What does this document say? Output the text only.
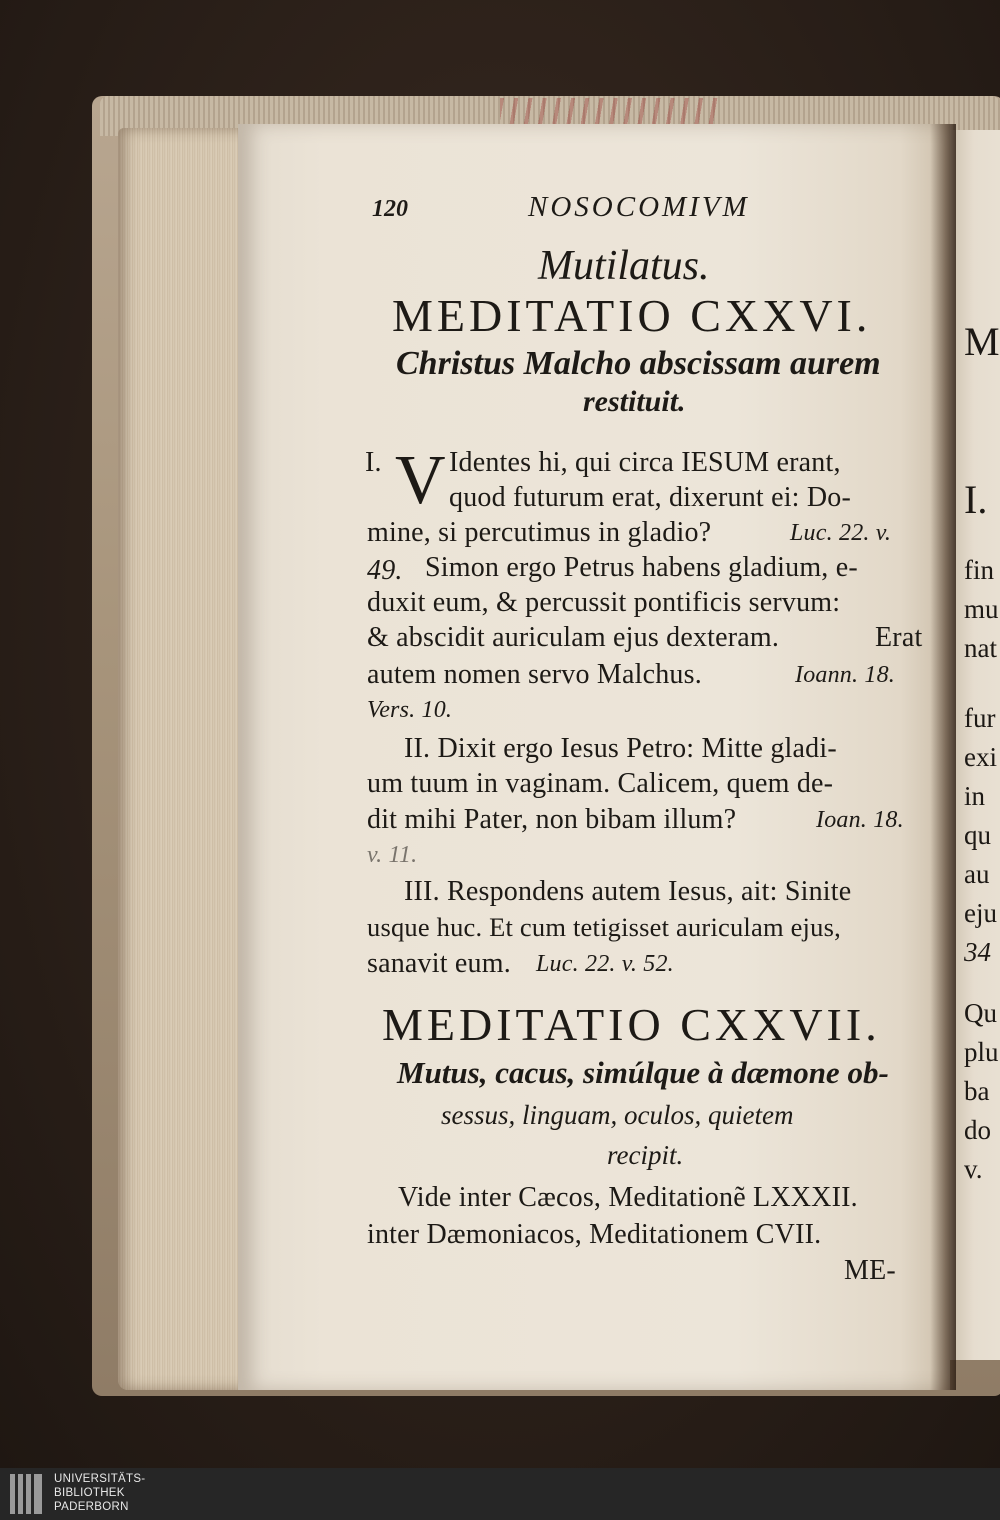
M
I.
fin
mu
nat
fur
exi
in
qu
au
eju
34
Qu
plu
ba
do
v.
120	NOSOCOMIVM
Mutilatus.
MEDITATIO CXXVI.
Christus Malcho abscissam aurem
restituit.
I. V Identes hi, qui circa IESUM erant,
quod futurum erat, dixerunt ei: Do-
mine, si percutimus in gladio?	Luc. 22. v.
49. Simon ergo Petrus habens gladium, e-
duxit eum, & percussit pontificis servum:
& abscidit auriculam ejus dexteram.	Erat
autem nomen servo Malchus.	Ioann. 18.
Vers. 10.
II. Dixit ergo Iesus Petro: Mitte gladi-
um tuum in vaginam. Calicem, quem de-
dit mihi Pater, non bibam illum?	Ioan. 18.
v. 11.
III. Respondens autem Iesus, ait: Sinite
usque huc. Et cum tetigisset auriculam ejus,
sanavit eum. Luc. 22. v. 52.
MEDITATIO CXXVII.
Mutus, cacus, simúlque à dæmone ob-
sessus, linguam, oculos, quietem
recipit.
Vide inter Cæcos, Meditationẽ LXXXII.
inter Dæmoniacos, Meditationem CVII.
ME-
UNIVERSITÄTS-
BIBLIOTHEK
PADERBORN
